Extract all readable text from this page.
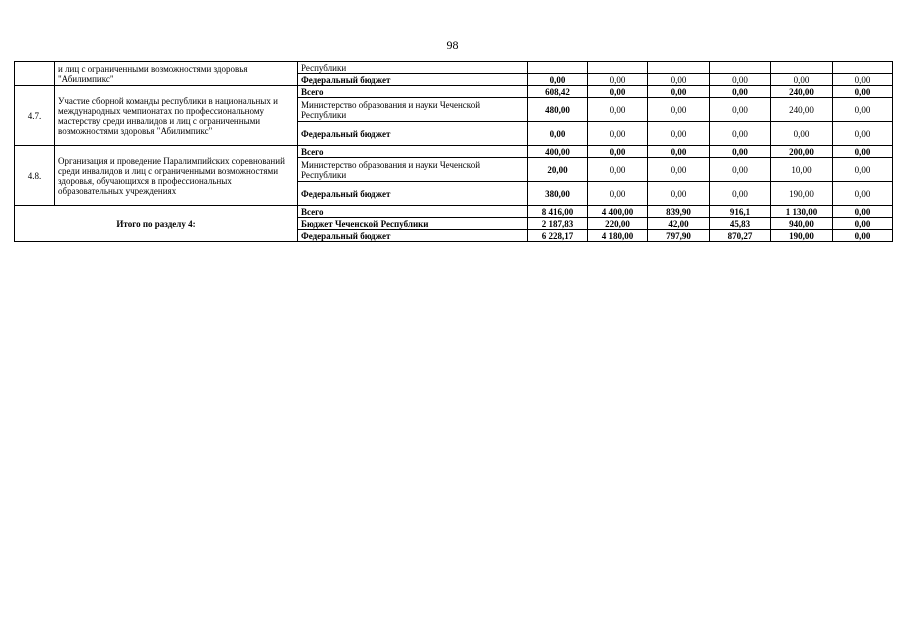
98
	и лиц с ограниченными возможностями здоровья "Абилимпикс"	Республики						
		Федеральный бюджет	0,00	0,00	0,00	0,00	0,00	0,00
4.7.	Участие сборной команды республики в национальных и международных чемпионатах по профессиональному мастерству среди инвалидов и лиц с ограниченными возможностями здоровья "Абилимпикс"	Всего	608,42	0,00	0,00	0,00	240,00	0,00
		Министерство образования и науки Чеченской Республики	480,00	0,00	0,00	0,00	240,00	0,00
		Федеральный бюджет	0,00	0,00	0,00	0,00	0,00	0,00
4.8.	Организация и проведение Паралимпийских соревнований среди инвалидов и лиц с ограниченными возможностями здоровья, обучающихся в профессиональных образовательных учреждениях	Всего	400,00	0,00	0,00	0,00	200,00	0,00
		Министерство образования и науки Чеченской Республики	20,00	0,00	0,00	0,00	10,00	0,00
		Федеральный бюджет	380,00	0,00	0,00	0,00	190,00	0,00
Итого по разделу 4:		Всего	8 416,00	4 400,00	839,90	916,1	1 130,00	0,00
		Бюджет Чеченской Республики	2 187,83	220,00	42,00	45,83	940,00	0,00
		Федеральный бюджет	6 228,17	4 180,00	797,90	870,27	190,00	0,00
